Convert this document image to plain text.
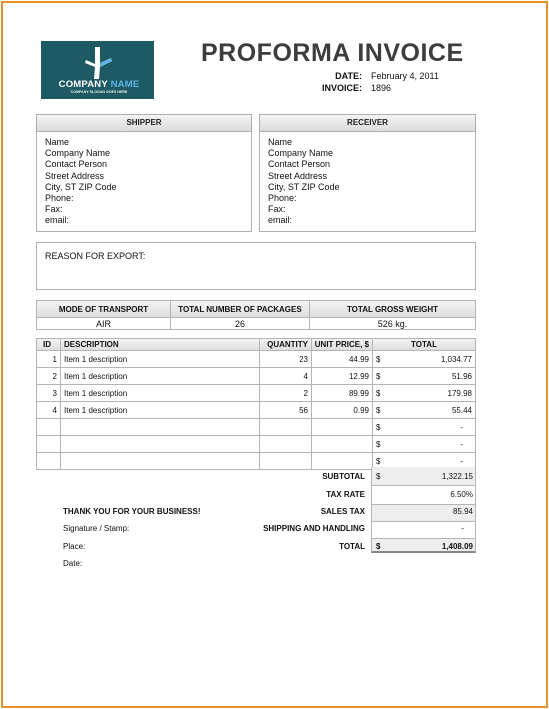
COMPANY NAME
COMPANY SLOGAN GOES HERE
PROFORMA INVOICE
DATE: February 4, 2011
INVOICE: 1896
SHIPPER
Name
Company Name
Contact Person
Street Address
City, ST ZIP Code
Phone:
Fax:
email:
RECEIVER
Name
Company Name
Contact Person
Street Address
City, ST ZIP Code
Phone:
Fax:
email:
REASON FOR EXPORT:
MODE OF TRANSPORT	TOTAL NUMBER OF PACKAGES	TOTAL GROSS WEIGHT
AIR	26	526 kg.
ID	DESCRIPTION	QUANTITY	UNIT PRICE, $	TOTAL	
1	Item 1 description	23	44.99	$	1,034.77
2	Item 1 description	4	12.99	$	51.96
3	Item 1 description	2	89.99	$	179.98
4	Item 1 description	56	0.99	$	55.44
				$	-
				$	-
				$	-
SUBTOTAL $	1,322.15
TAX RATE	6.50%
SALES TAX	85.94
SHIPPING AND HANDLING	-
TOTAL $	1,408.09
THANK YOU FOR YOUR BUSINESS!
Signature / Stamp:
Place:
Date:
